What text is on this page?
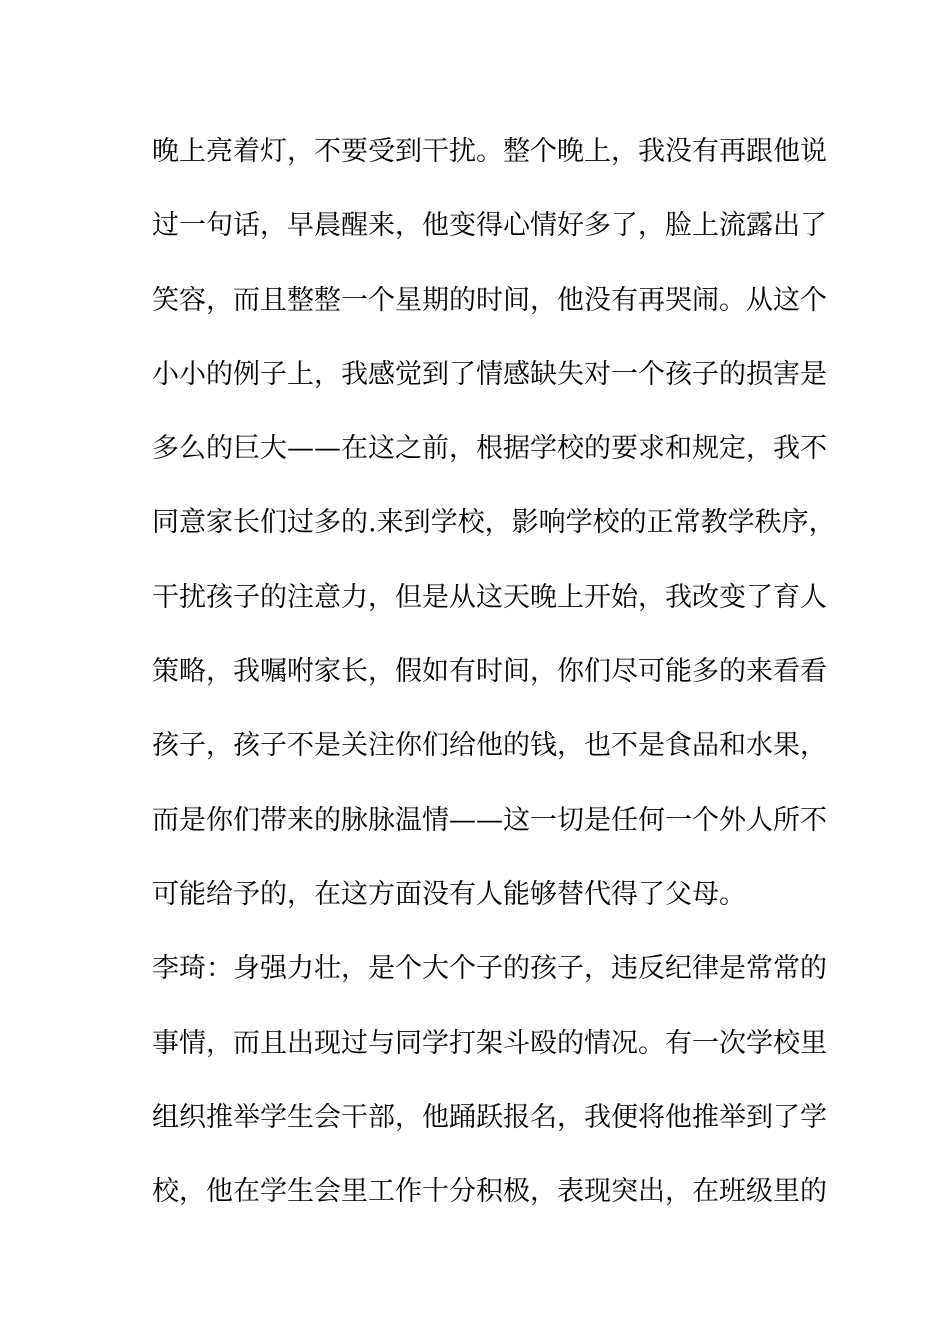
晚上亮着灯，不要受到干扰。整个晚上，我没有再跟他说
过一句话，早晨醒来，他变得心情好多了，脸上流露出了
笑容，而且整整一个星期的时间，他没有再哭闹。从这个
小小的例子上，我感觉到了情感缺失对一个孩子的损害是
多么的巨大——在这之前，根据学校的要求和规定，我不
同意家长们过多的.来到学校，影响学校的正常教学秩序，
干扰孩子的注意力，但是从这天晚上开始，我改变了育人
策略，我嘱咐家长，假如有时间，你们尽可能多的来看看
孩子，孩子不是关注你们给他的钱，也不是食品和水果，
而是你们带来的脉脉温情——这一切是任何一个外人所不
可能给予的，在这方面没有人能够替代得了父母。
李琦：身强力壮，是个大个子的孩子，违反纪律是常常的
事情，而且出现过与同学打架斗殴的情况。有一次学校里
组织推举学生会干部，他踊跃报名，我便将他推举到了学
校，他在学生会里工作十分积极，表现突出，在班级里的
